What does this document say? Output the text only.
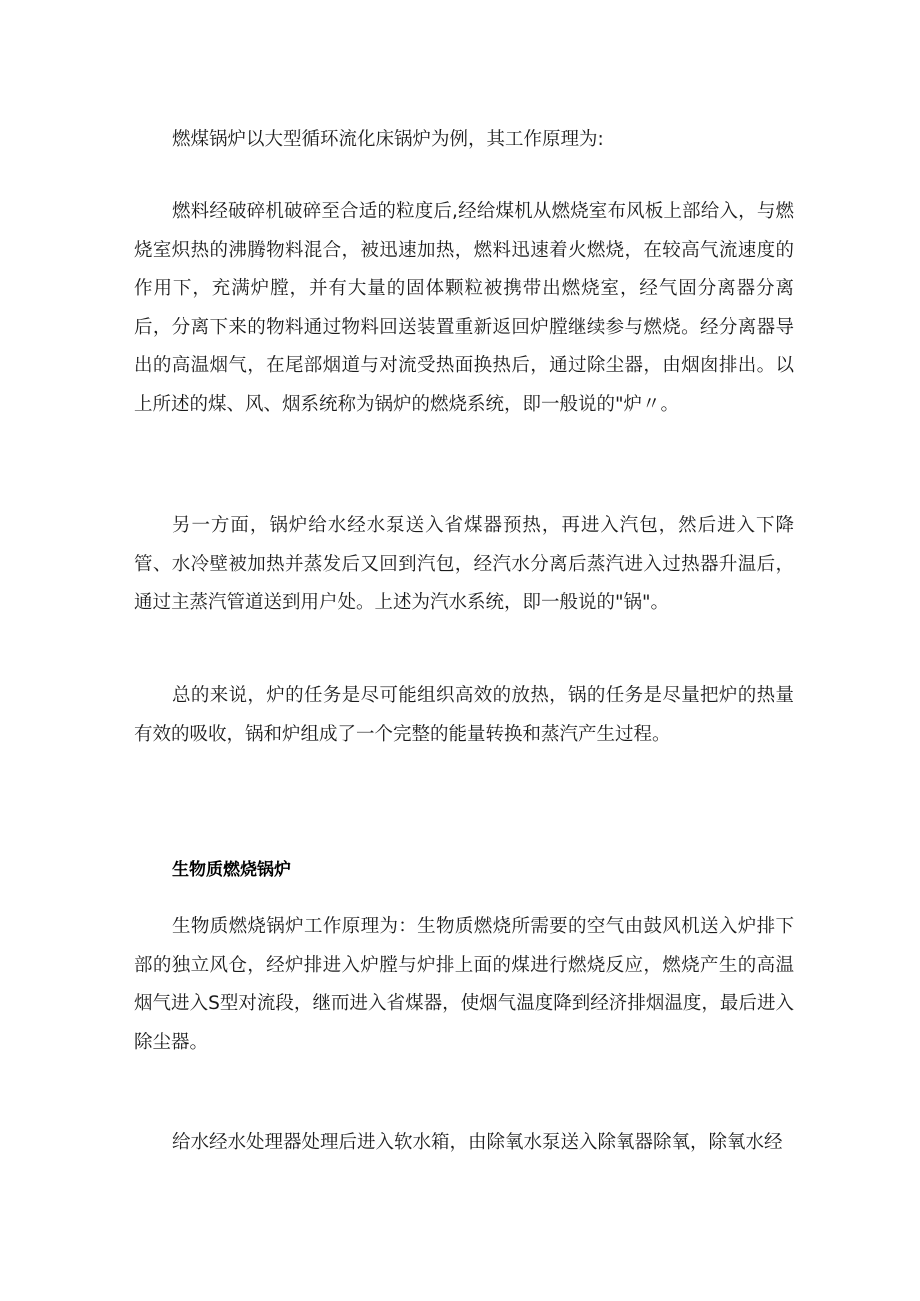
燃煤锅炉以大型循环流化床锅炉为例，其工作原理为:

燃料经破碎机破碎至合适的粒度后,经给煤机从燃烧室布风板上部给入，与燃烧室炽热的沸腾物料混合，被迅速加热，燃料迅速着火燃烧，在较高气流速度的作用下，充满炉膛，并有大量的固体颗粒被携带出燃烧室，经气固分离器分离后，分离下来的物料通过物料回送装置重新返回炉膛继续参与燃烧。经分离器导出的高温烟气，在尾部烟道与对流受热面换热后，通过除尘器，由烟囱排出。以上所述的煤、风、烟系统称为锅炉的燃烧系统，即一般说的"炉〃。

另一方面，锅炉给水经水泵送入省煤器预热，再进入汽包，然后进入下降管、水冷壁被加热并蒸发后又回到汽包，经汽水分离后蒸汽进入过热器升温后，通过主蒸汽管道送到用户处。上述为汽水系统，即一般说的"锅"。

总的来说，炉的任务是尽可能组织高效的放热，锅的任务是尽量把炉的热量有效的吸收，锅和炉组成了一个完整的能量转换和蒸汽产生过程。

生物质燃烧锅炉

生物质燃烧锅炉工作原理为：生物质燃烧所需要的空气由鼓风机送入炉排下部的独立风仓，经炉排进入炉膛与炉排上面的煤进行燃烧反应，燃烧产生的高温烟气进入S型对流段，继而进入省煤器，使烟气温度降到经济排烟温度，最后进入除尘器。

给水经水处理器处理后进入软水箱，由除氧水泵送入除氧器除氧，除氧水经
